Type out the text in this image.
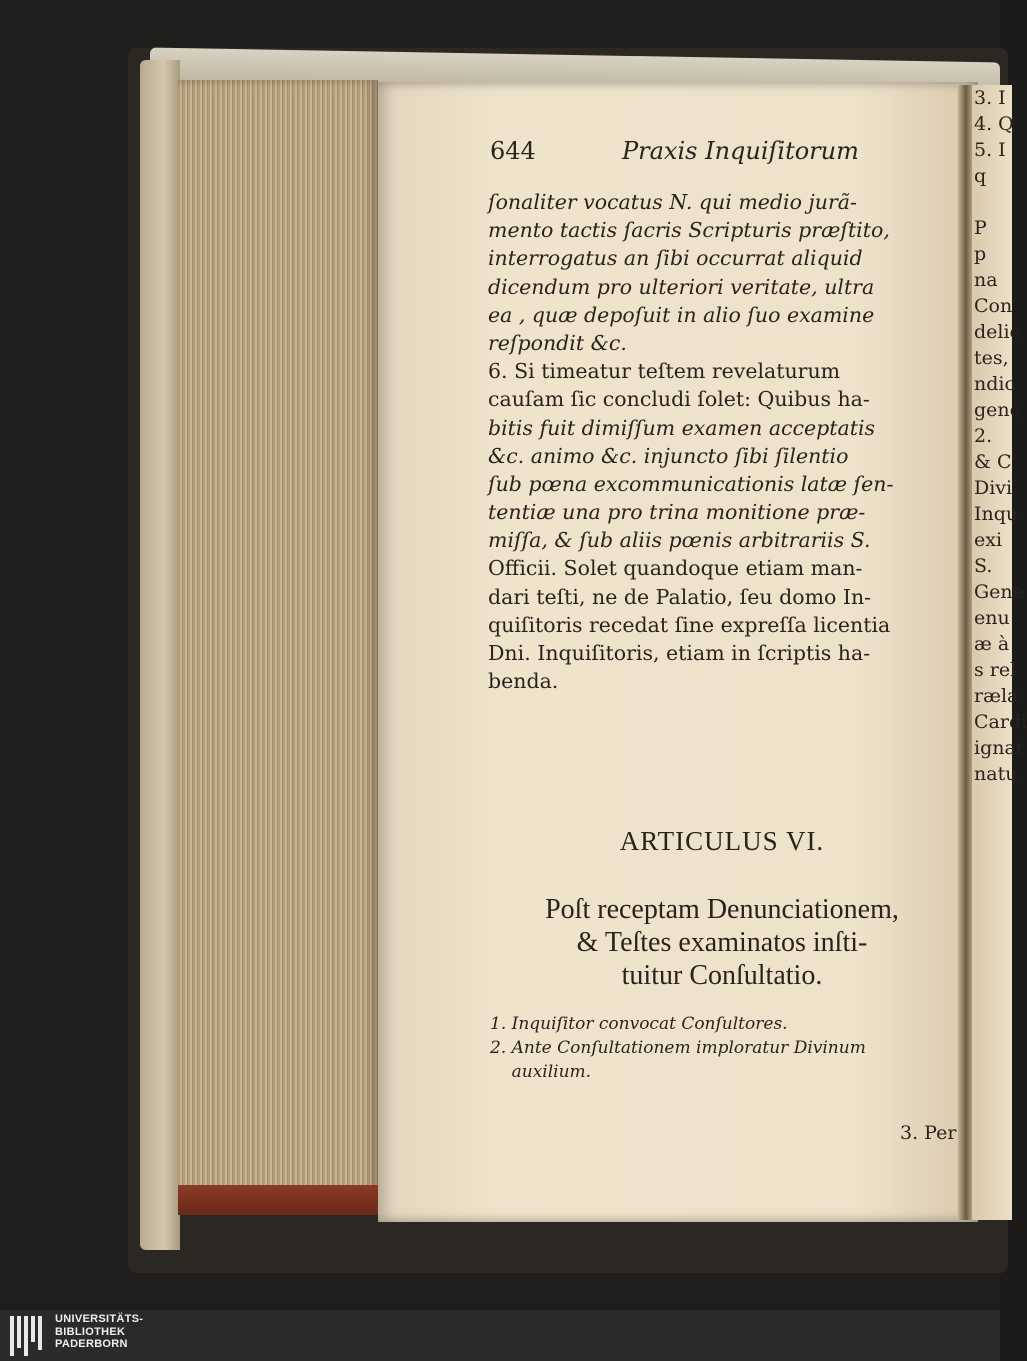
3. I
4. Q
5. I
q

P
p
na
Con
delic
tes,
ndic
genc
2.
& C
Divi
Inqu
exi
S.
Gene
enu
æ à
s rel
ræla
Cardi
ignat
natu
644	Praxis Inquiſitorum
ſonaliter vocatus N. qui medio jurã-
mento tactis ſacris Scripturis præſtito,
interrogatus an ſibi occurrat aliquid
dicendum pro ulteriori veritate, ultra
ea , quæ depoſuit in alio ſuo examine
reſpondit &c.
6. Si timeatur teſtem revelaturum
cauſam ſic concludi ſolet: Quibus ha-
bitis fuit dimiſſum examen acceptatis
&c. animo &c. injuncto ſibi ſilentio
ſub pœna excommunicationis latæ ſen-
tentiæ una pro trina monitione præ-
miſſa, & ſub aliis pœnis arbitrariis S.
Officii. Solet quandoque etiam man-
dari teſti, ne de Palatio, ſeu domo In-
quiſitoris recedat ſine expreſſa licentia
Dni. Inquiſitoris, etiam in ſcriptis ha-
benda.
ARTICULUS VI.
Poſt receptam Denunciationem,
& Teſtes examinatos inſti-
tuitur Conſultatio.
1. Inquiſitor convocat Conſultores.
2. Ante Conſultationem imploratur Divinum
auxilium.
3. Per
UNIVERSITÄTS-
BIBLIOTHEK
PADERBORN
